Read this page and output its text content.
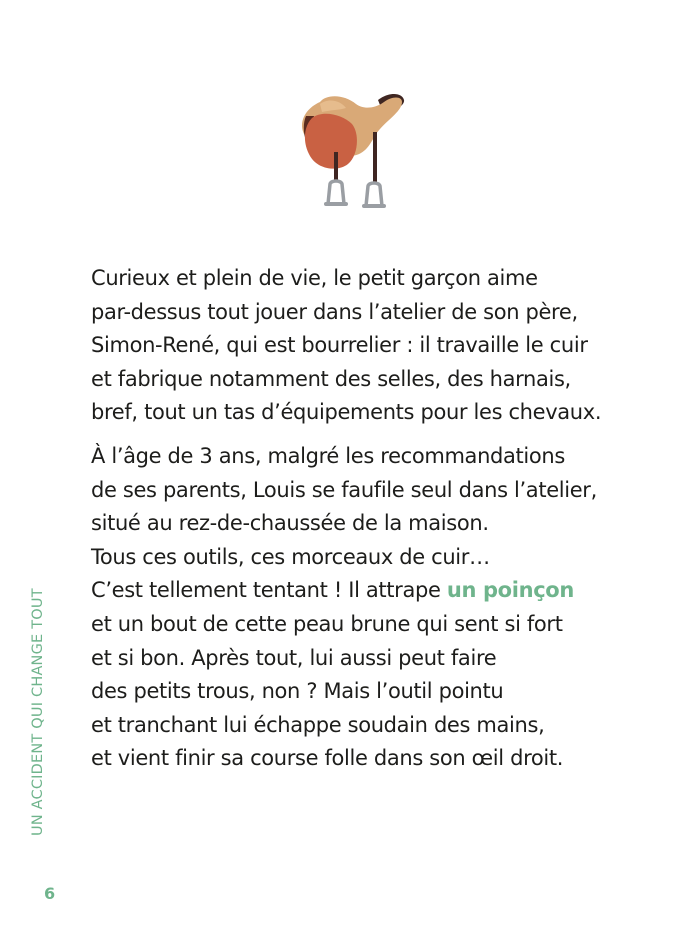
Curieux et plein de vie, le petit garçon aime
par-dessus tout jouer dans l’atelier de son père,
Simon-René, qui est bourrelier : il travaille le cuir
et fabrique notamment des selles, des harnais,
bref, tout un tas d’équipements pour les chevaux.

À l’âge de 3 ans, malgré les recommandations
de ses parents, Louis se faufile seul dans l’atelier,
situé au rez-de-chaussée de la maison.
Tous ces outils, ces morceaux de cuir…
C’est tellement tentant ! Il attrape un poinçon
et un bout de cette peau brune qui sent si fort
et si bon. Après tout, lui aussi peut faire
des petits trous, non ? Mais l’outil pointu
et tranchant lui échappe soudain des mains,
et vient finir sa course folle dans son œil droit.

UN ACCIDENT QUI CHANGE TOUT
6
